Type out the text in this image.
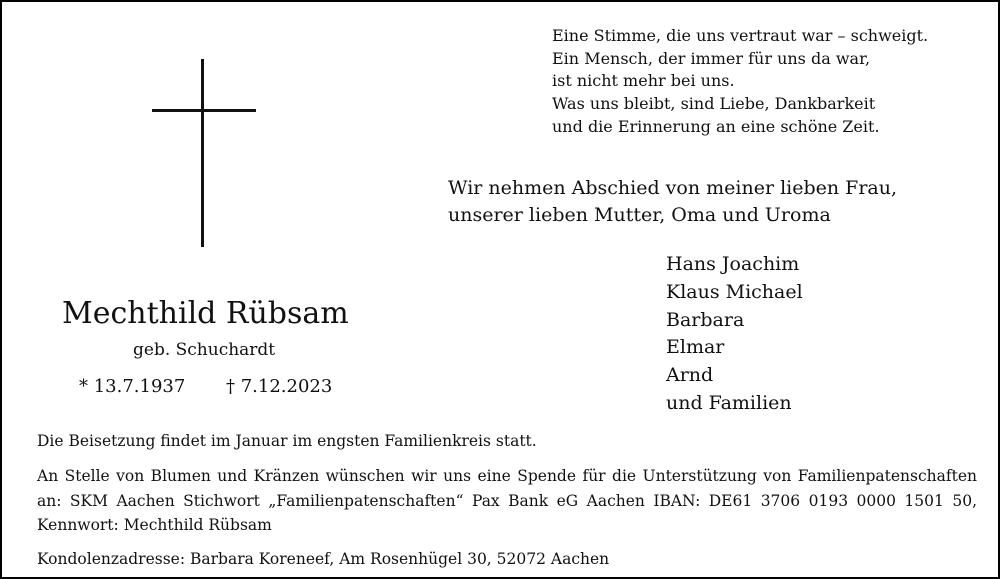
Eine Stimme, die uns vertraut war – schweigt.
Ein Mensch, der immer für uns da war,
ist nicht mehr bei uns.
Was uns bleibt, sind Liebe, Dankbarkeit
und die Erinnerung an eine schöne Zeit.
Wir nehmen Abschied von meiner lieben Frau,
unserer lieben Mutter, Oma und Uroma
Hans Joachim
Klaus Michael
Barbara
Elmar
Arnd
und Familien
Mechthild Rübsam
geb. Schuchardt
* 13.7.1937 † 7.12.2023
Die Beisetzung findet im Januar im engsten Familienkreis statt.
An Stelle von Blumen und Kränzen wünschen wir uns eine Spende für die Unterstützung von Familienpatenschaften
an: SKM Aachen Stichwort „Familienpatenschaften“ Pax Bank eG Aachen IBAN: DE61 3706 0193 0000 1501 50,
Kennwort: Mechthild Rübsam
Kondolenzadresse: Barbara Koreneef, Am Rosenhügel 30, 52072 Aachen
